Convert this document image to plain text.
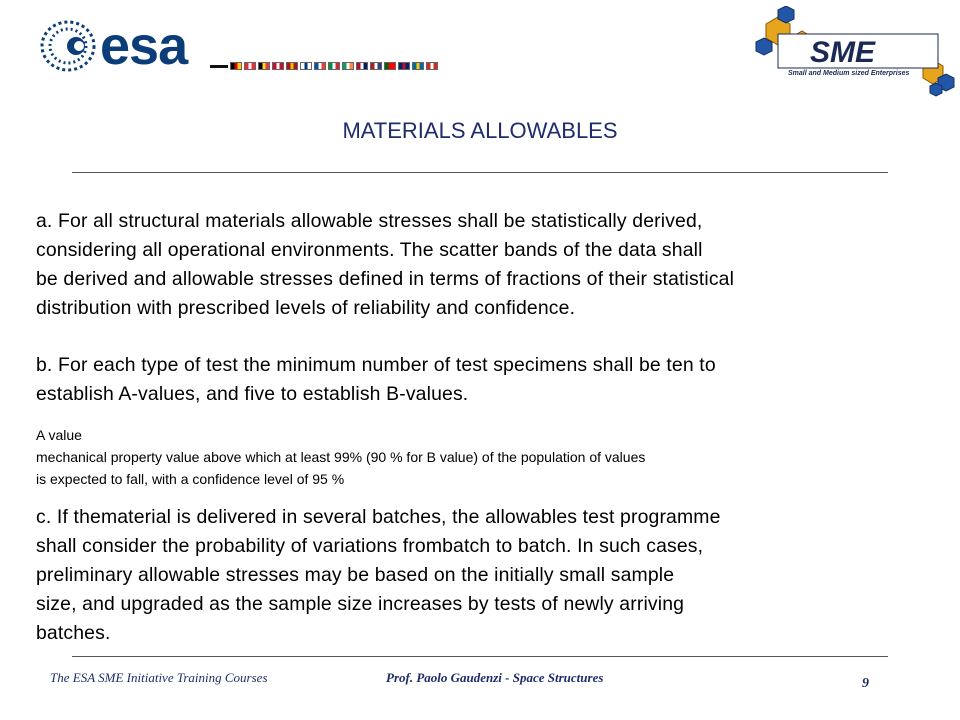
esa	SME
Small and Medium sized Enterprises
MATERIALS ALLOWABLES
a. For all structural materials allowable stresses shall be statistically derived,
considering all operational environments. The scatter bands of the data shall
be derived and allowable stresses defined in terms of fractions of their statistical
distribution with prescribed levels of reliability and confidence.
b. For each type of test the minimum number of test specimens shall be ten to
establish A-values, and five to establish B-values.
A value
mechanical property value above which at least 99% (90 % for B value) of the population of values
is expected to fall, with a confidence level of 95 %
c. If thematerial is delivered in several batches, the allowables test programme
shall consider the probability of variations frombatch to batch. In such cases,
preliminary allowable stresses may be based on the initially small sample
size, and upgraded as the sample size increases by tests of newly arriving
batches.
The ESA SME Initiative Training Courses	Prof. Paolo Gaudenzi - Space Structures	9
